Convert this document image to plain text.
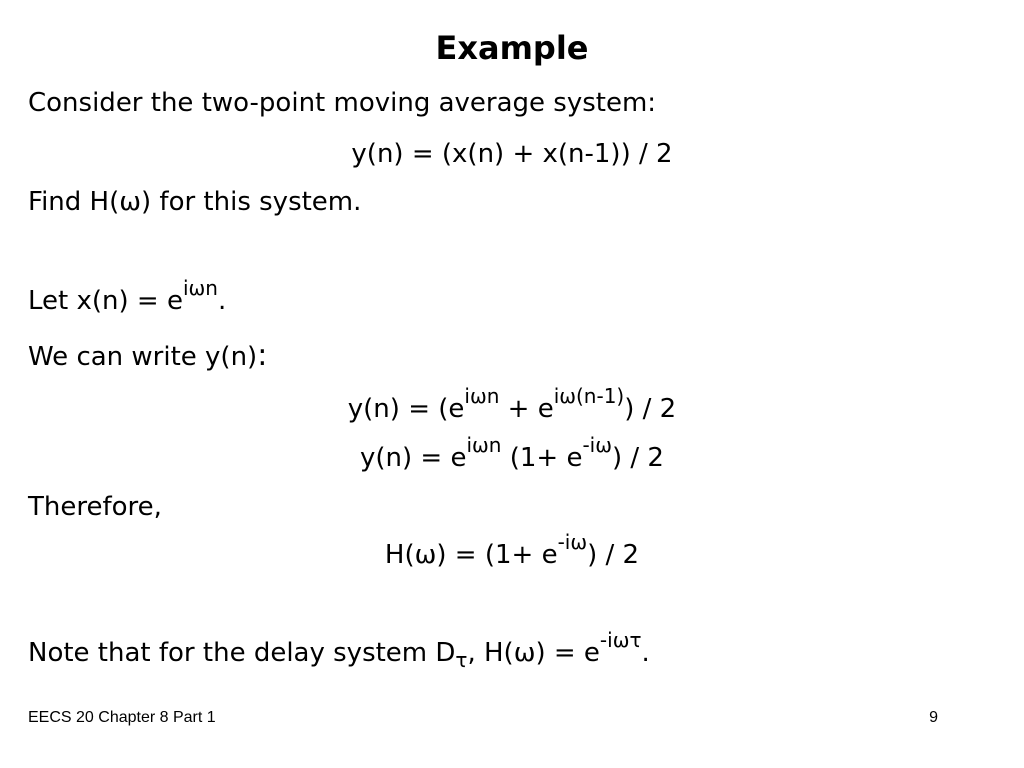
Example
Consider the two-point moving average system:
y(n) = (x(n) + x(n-1)) / 2
Find H(ω) for this system.
Let $x(n) = e^{i\omega n}$.
We can write y(n):
$y(n) = (e^{i\omega n} + e^{i\omega(n-1)}) / 2$
$y(n) = e^{i\omega n}$ $(1+ e^{-i\omega}) / 2$
Therefore,
$H(\omega) = (1+ e^{-i\omega}) / 2$
Note that for the delay system $D_\tau$, $H(\omega) = e^{-i\omega\tau}$.
EECS 20 Chapter 8 Part 1	9
